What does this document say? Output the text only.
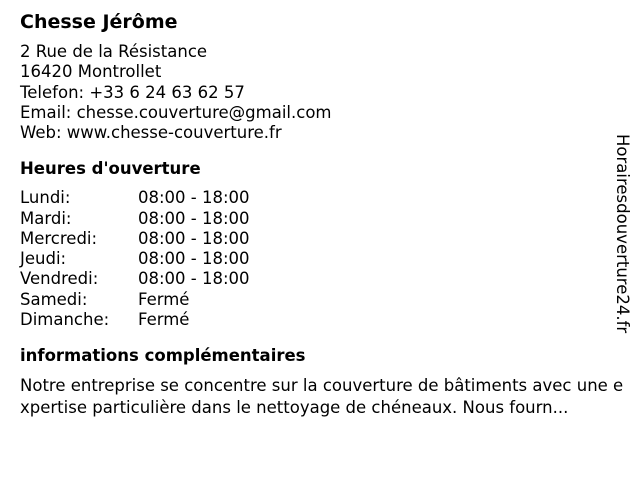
Chesse Jérôme
2 Rue de la Résistance
16420 Montrollet
Telefon: +33 6 24 63 62 57
Email: chesse.couverture@gmail.com
Web: www.chesse-couverture.fr
Heures d'ouverture
Lundi:	08:00 - 18:00
Mardi:	08:00 - 18:00
Mercredi:	08:00 - 18:00
Jeudi:	08:00 - 18:00
Vendredi:	08:00 - 18:00
Samedi:	Fermé
Dimanche:	Fermé
informations complémentaires
Notre entreprise se concentre sur la couverture de bâtiments avec une expertise particulière dans le nettoyage de chéneaux. Nous fourn...
Horairesdouverture24.fr
